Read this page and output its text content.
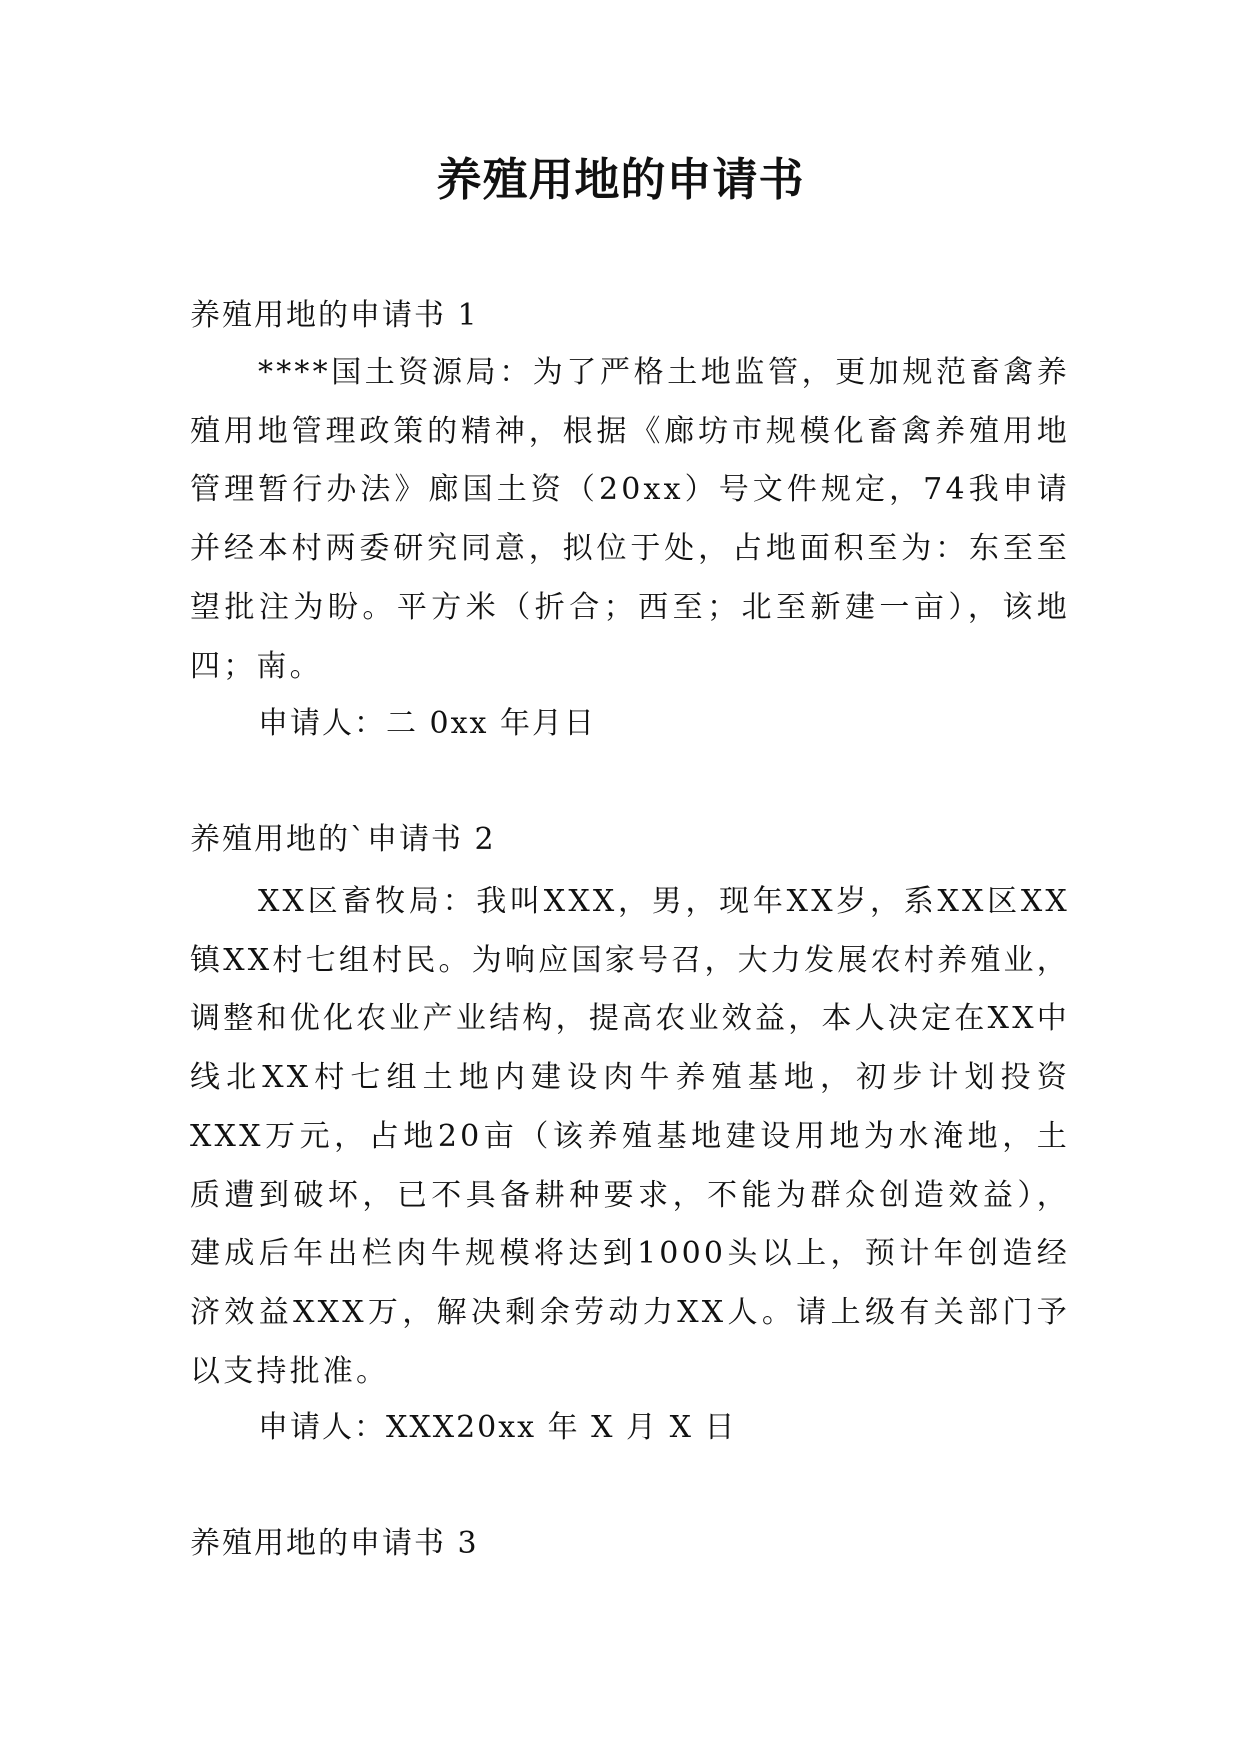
养殖用地的申请书

养殖用地的申请书 1

****国土资源局：为了严格土地监管，更加规范畜禽养殖用地管理政策的精神，根据《廊坊市规模化畜禽养殖用地管理暂行办法》廊国土资（20xx）号文件规定，74我申请并经本村两委研究同意，拟位于处，占地面积至为：东至至望批注为盼。平方米（折合；西至；北至新建一亩），该地四；南。

申请人：二 0xx 年月日

养殖用地的`申请书 2

XX区畜牧局：我叫XXX，男，现年XX岁，系XX区XX镇XX村七组村民。为响应国家号召，大力发展农村养殖业，调整和优化农业产业结构，提高农业效益，本人决定在XX中线北XX村七组土地内建设肉牛养殖基地，初步计划投资XXX万元，占地20亩（该养殖基地建设用地为水淹地，土质遭到破坏，已不具备耕种要求，不能为群众创造效益），建成后年出栏肉牛规模将达到1000头以上，预计年创造经济效益XXX万，解决剩余劳动力XX人。请上级有关部门予以支持批准。

申请人：XXX20xx 年 X 月 X 日

养殖用地的申请书 3
